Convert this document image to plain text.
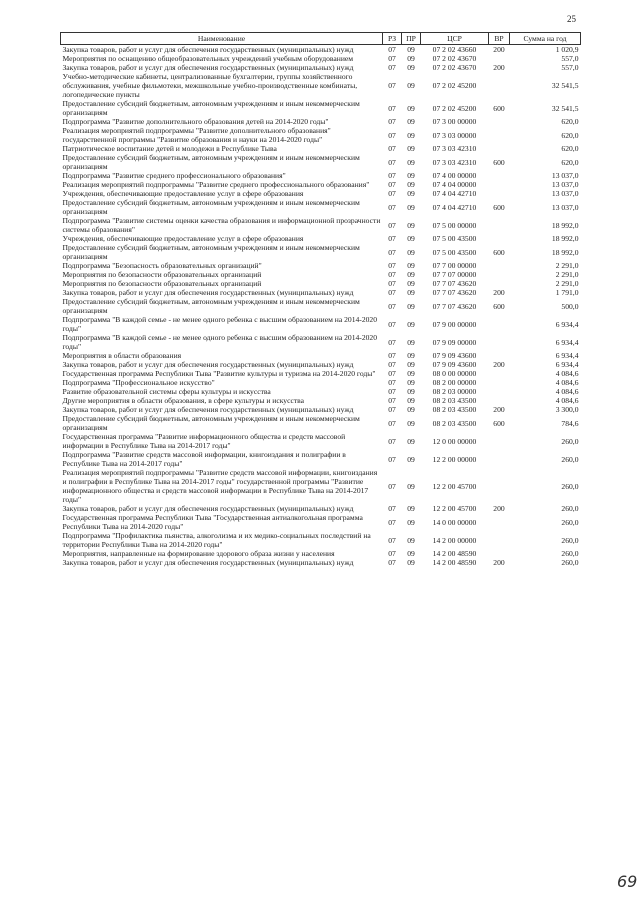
25
Наименование	РЗ	ПР	ЦСР	ВР	Сумма на год
Закупка товаров, работ и услуг для обеспечения государственных (муниципальных) нужд	07	09	07 2 02 43660	200	1 020,9
Мероприятия по оснащению общеобразовательных учреждений учебным оборудованием	07	09	07 2 02 43670		557,0
Закупка товаров, работ и услуг для обеспечения государственных (муниципальных) нужд	07	09	07 2 02 43670	200	557,0
Учебно-методические кабинеты, централизованные бухгалтерии, группы хозяйственного обслуживания, учебные фильмотеки, межшкольные учебно-производственные комбинаты, логопедические пункты	07	09	07 2 02 45200		32 541,5
Предоставление субсидий бюджетным, автономным учреждениям и иным некоммерческим организациям	07	09	07 2 02 45200	600	32 541,5
Подпрограмма "Развитие дополнительного образования детей на 2014-2020 годы"	07	09	07 3 00 00000		620,0
Реализация мероприятий подпрограммы "Развитие дополнительного образования" государственной программы "Развитие образования и науки на 2014-2020 годы"	07	09	07 3 03 00000		620,0
Патриотическое воспитание детей и молодежи в Республике Тыва	07	09	07 3 03 42310		620,0
Предоставление субсидий бюджетным, автономным учреждениям и иным некоммерческим организациям	07	09	07 3 03 42310	600	620,0
Подпрограмма "Развитие среднего профессионального образования"	07	09	07 4 00 00000		13 037,0
Реализация мероприятий подпрограммы "Развитие среднего профессионального образования"	07	09	07 4 04 00000		13 037,0
Учреждения, обеспечивающие предоставление услуг в сфере образования	07	09	07 4 04 42710		13 037,0
Предоставление субсидий бюджетным, автономным учреждениям и иным некоммерческим организациям	07	09	07 4 04 42710	600	13 037,0
Подпрограмма "Развитие системы оценки качества образования и информационной прозрачности системы образования"	07	09	07 5 00 00000		18 992,0
Учреждения, обеспечивающие предоставление услуг в сфере образования	07	09	07 5 00 43500		18 992,0
Предоставление субсидий бюджетным, автономным учреждениям и иным некоммерческим организациям	07	09	07 5 00 43500	600	18 992,0
Подпрограмма "Безопасность образовательных организаций"	07	09	07 7 00 00000		2 291,0
Мероприятия по безопасности образовательных организаций	07	09	07 7 07 00000		2 291,0
Мероприятия по безопасности образовательных организаций	07	09	07 7 07 43620		2 291,0
Закупка товаров, работ и услуг для обеспечения государственных (муниципальных) нужд	07	09	07 7 07 43620	200	1 791,0
Предоставление субсидий бюджетным, автономным учреждениям и иным некоммерческим организациям	07	09	07 7 07 43620	600	500,0
Подпрограмма "В каждой семье - не менее одного ребенка с высшим образованием на 2014-2020 годы"	07	09	07 9 00 00000		6 934,4
Подпрограмма "В каждой семье - не менее одного ребенка с высшим образованием на 2014-2020 годы"	07	09	07 9 09 00000		6 934,4
Мероприятия в области образования	07	09	07 9 09 43600		6 934,4
Закупка товаров, работ и услуг для обеспечения государственных (муниципальных) нужд	07	09	07 9 09 43600	200	6 934,4
Государственная программа Республики Тыва "Развитие культуры и туризма на 2014-2020 годы"	07	09	08 0 00 00000		4 084,6
Подпрограмма "Профессиональное искусство"	07	09	08 2 00 00000		4 084,6
Развитие образовательной системы сферы культуры и искусства	07	09	08 2 03 00000		4 084,6
Другие мероприятия в области образования, в сфере культуры и искусства	07	09	08 2 03 43500		4 084,6
Закупка товаров, работ и услуг для обеспечения государственных (муниципальных) нужд	07	09	08 2 03 43500	200	3 300,0
Предоставление субсидий бюджетным, автономным учреждениям и иным некоммерческим организациям	07	09	08 2 03 43500	600	784,6
Государственная программа "Развитие информационного общества и средств массовой информации в Республике Тыва на 2014-2017 годы"	07	09	12 0 00 00000		260,0
Подпрограмма "Развитие средств массовой информации, книгоиздания и полиграфии в Республике Тыва на 2014-2017 годы"	07	09	12 2 00 00000		260,0
Реализация мероприятий подпрограммы "Развитие средств массовой информации, книгоиздания и полиграфии в Республике Тыва на 2014-2017 годы" государственной программы "Развитие информационного общества и средств массовой информации в Республике Тыва на 2014-2017 годы"	07	09	12 2 00 45700		260,0
Закупка товаров, работ и услуг для обеспечения государственных (муниципальных) нужд	07	09	12 2 00 45700	200	260,0
Государственная программа Республики Тыва "Государственная антиалкогольная программа Республики Тыва на 2014-2020 годы"	07	09	14 0 00 00000		260,0
Подпрограмма "Профилактика пьянства, алкоголизма и их медико-социальных последствий на территории Республики Тыва на 2014-2020 годы"	07	09	14 2 00 00000		260,0
Мероприятия, направленные на формирование здорового образа жизни у населения	07	09	14 2 00 48590		260,0
Закупка товаров, работ и услуг для обеспечения государственных (муниципальных) нужд	07	09	14 2 00 48590	200	260,0
69
